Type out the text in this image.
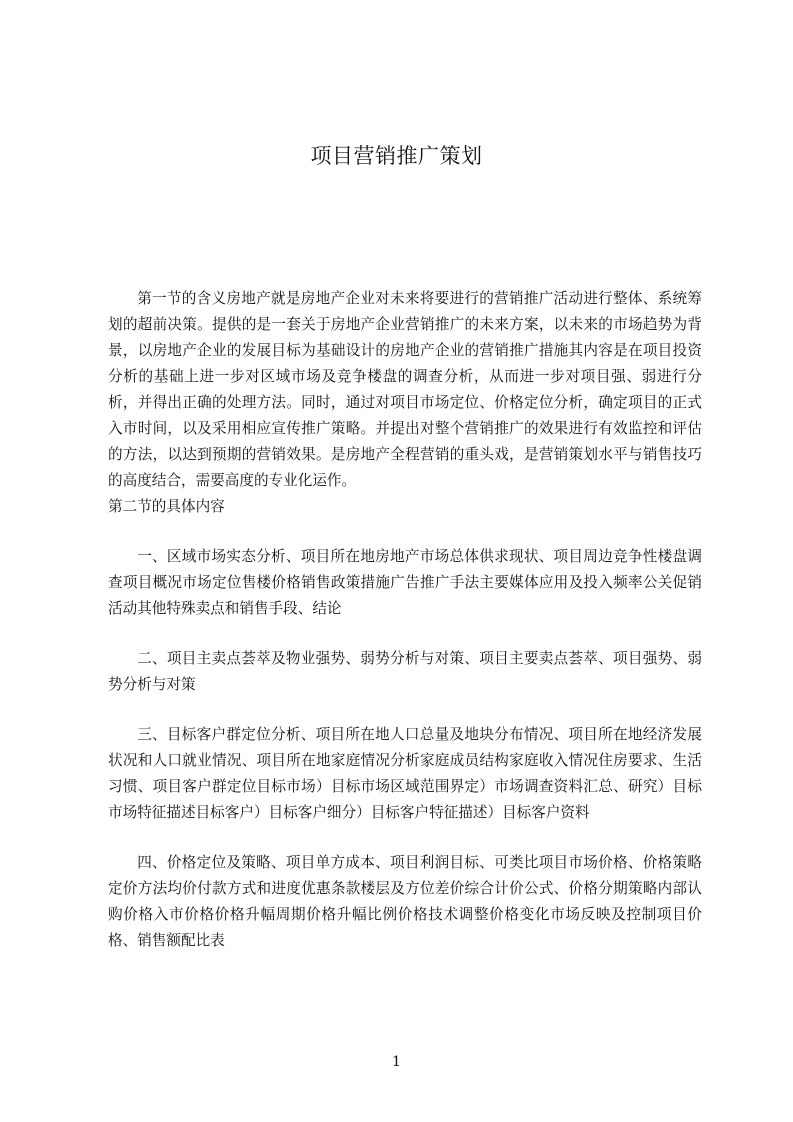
项目营销推广策划

第一节的含义房地产就是房地产企业对未来将要进行的营销推广活动进行整体、系统筹划的超前决策。提供的是一套关于房地产企业营销推广的未来方案，以未来的市场趋势为背景，以房地产企业的发展目标为基础设计的房地产企业的营销推广措施其内容是在项目投资分析的基础上进一步对区域市场及竞争楼盘的调查分析，从而进一步对项目强、弱进行分析，并得出正确的处理方法。同时，通过对项目市场定位、价格定位分析，确定项目的正式入市时间，以及采用相应宣传推广策略。并提出对整个营销推广的效果进行有效监控和评估的方法，以达到预期的营销效果。是房地产全程营销的重头戏，是营销策划水平与销售技巧的高度结合，需要高度的专业化运作。

第二节的具体内容

一、区域市场实态分析、项目所在地房地产市场总体供求现状、项目周边竞争性楼盘调查项目概况市场定位售楼价格销售政策措施广告推广手法主要媒体应用及投入频率公关促销活动其他特殊卖点和销售手段、结论

二、项目主卖点荟萃及物业强势、弱势分析与对策、项目主要卖点荟萃、项目强势、弱势分析与对策

三、目标客户群定位分析、项目所在地人口总量及地块分布情况、项目所在地经济发展状况和人口就业情况、项目所在地家庭情况分析家庭成员结构家庭收入情况住房要求、生活习惯、项目客户群定位目标市场）目标市场区域范围界定）市场调查资料汇总、研究）目标市场特征描述目标客户）目标客户细分）目标客户特征描述）目标客户资料

四、价格定位及策略、项目单方成本、项目利润目标、可类比项目市场价格、价格策略定价方法均价付款方式和进度优惠条款楼层及方位差价综合计价公式、价格分期策略内部认购价格入市价格价格升幅周期价格升幅比例价格技术调整价格变化市场反映及控制项目价格、销售额配比表

1
